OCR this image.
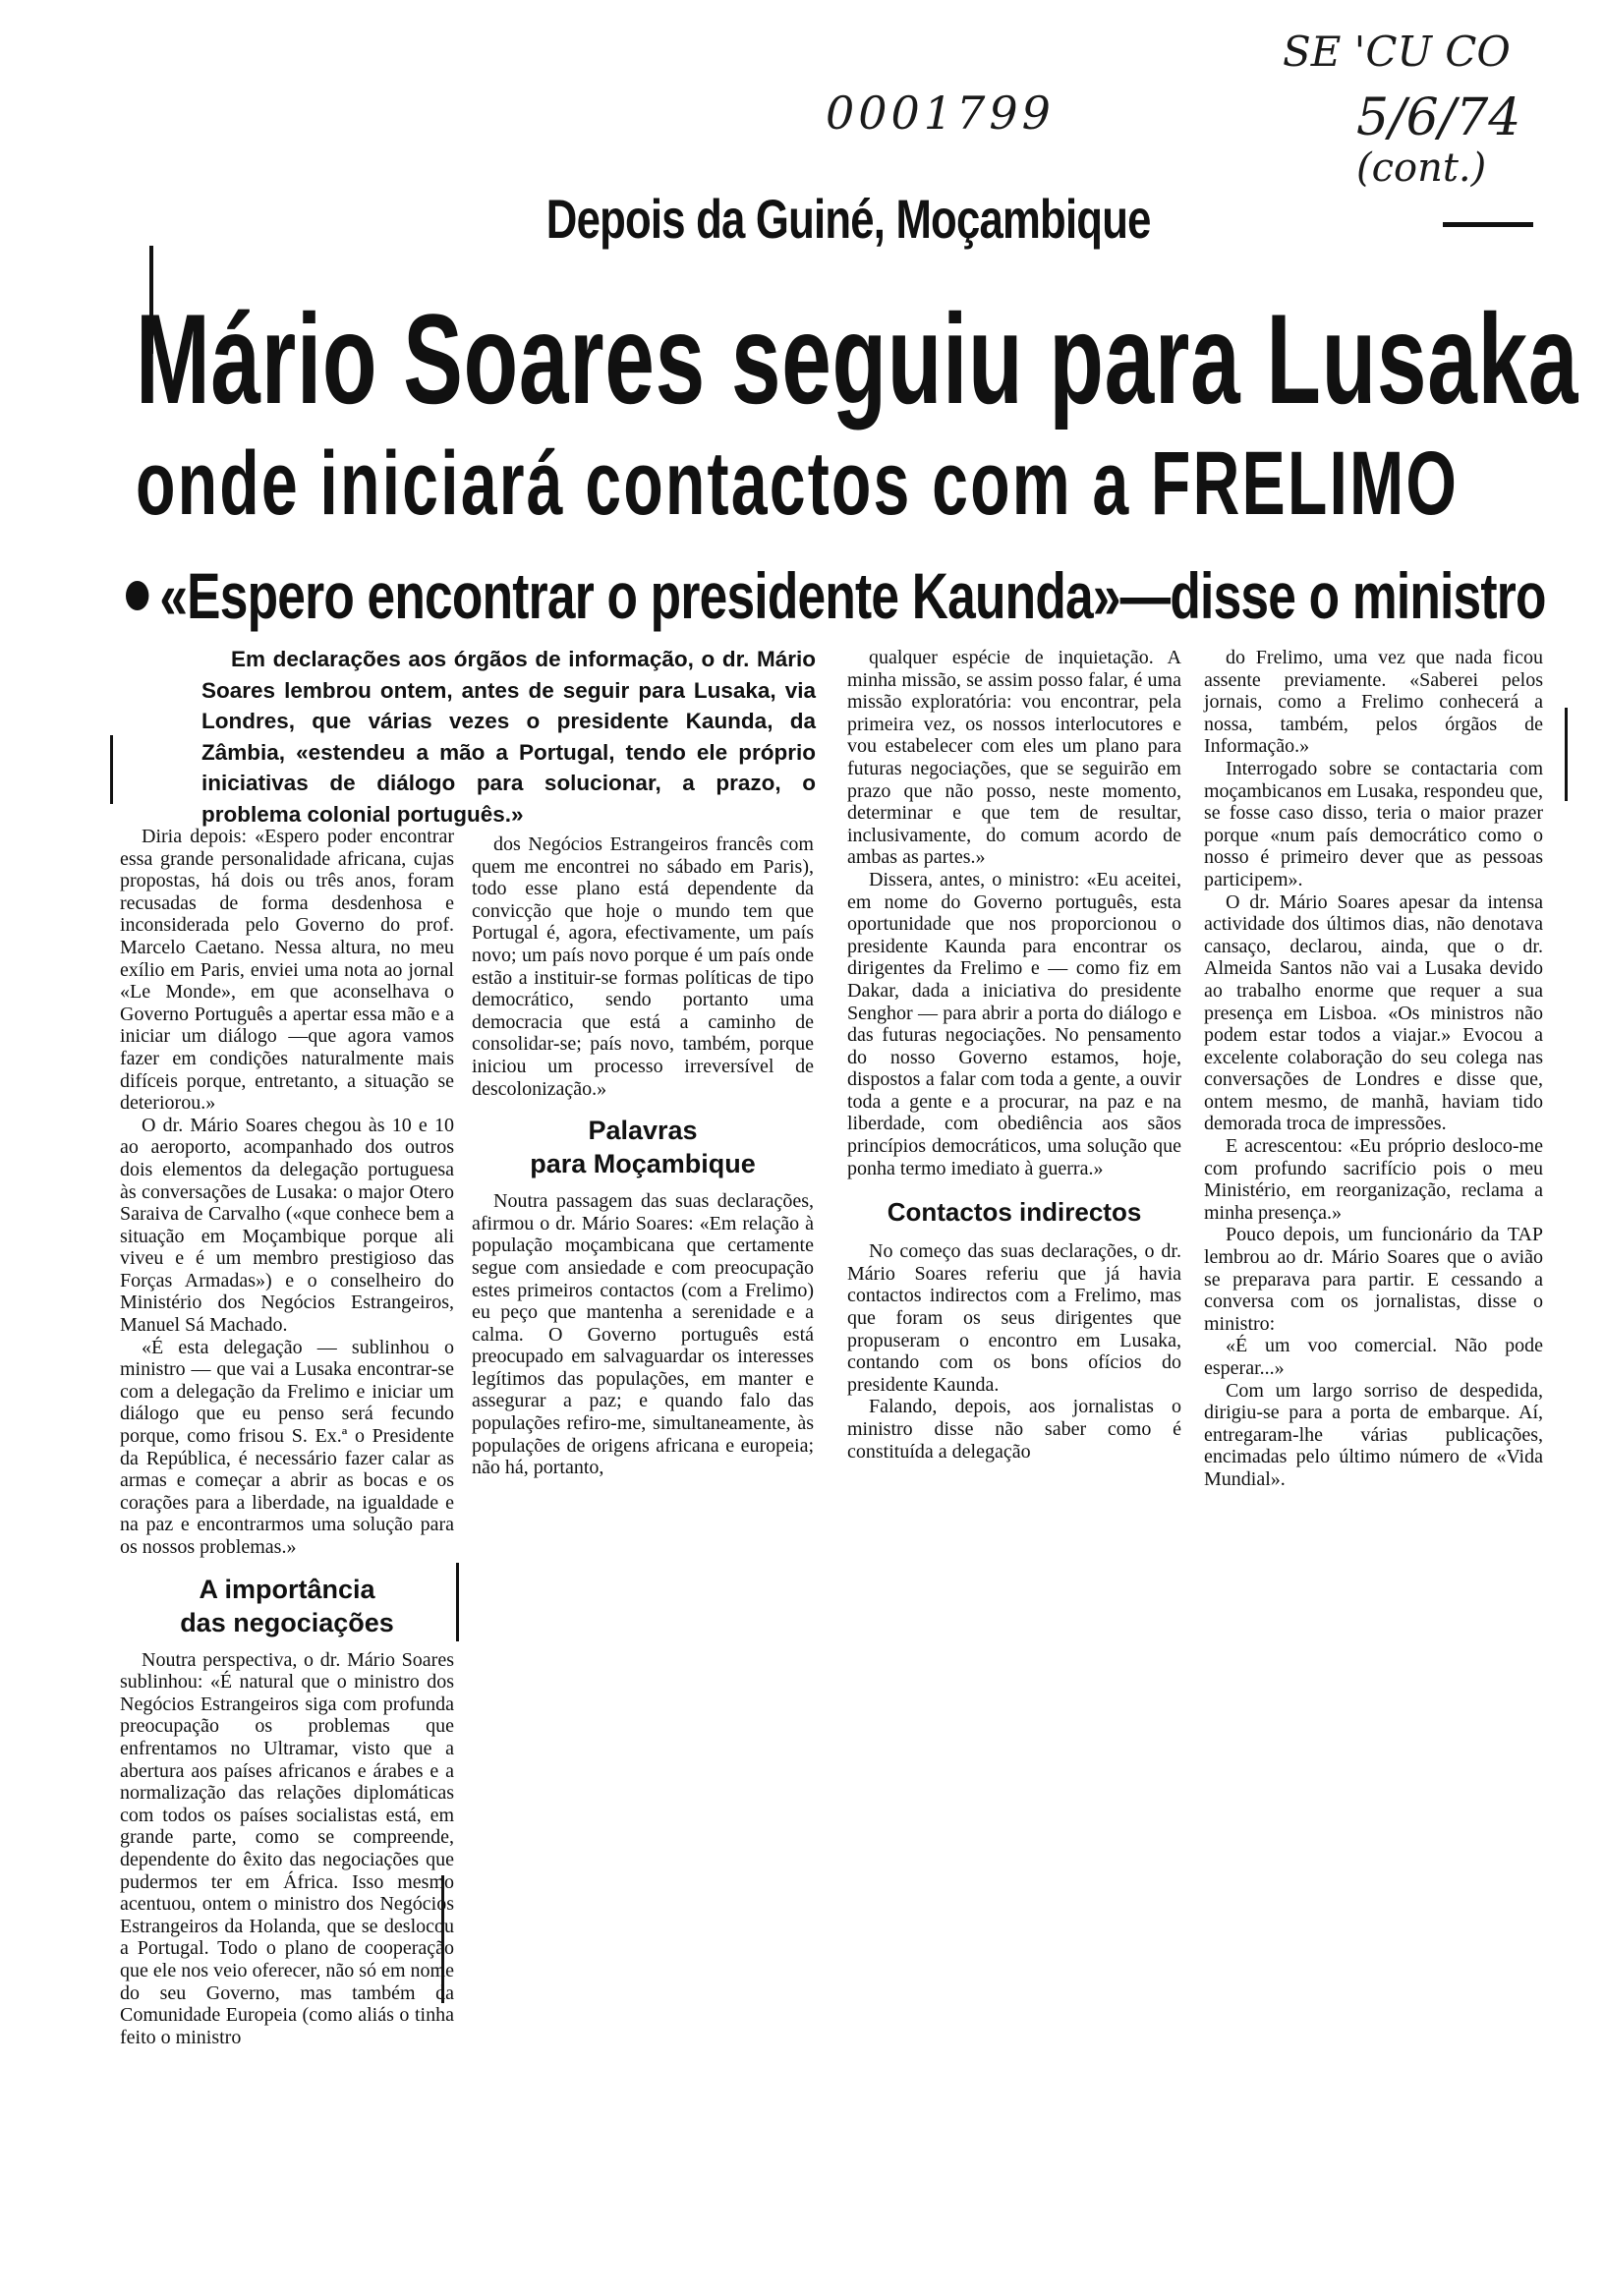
0001799
SE 'CU CO
5/6/74
(cont.)
Depois da Guiné, Moçambique
Mário Soares seguiu para Lusaka
onde iniciará contactos com a FRELIMO
«Espero encontrar o presidente Kaunda»—disse o ministro
Em declarações aos órgãos de informação, o dr. Mário Soares lembrou ontem, antes de seguir para Lusaka, via Londres, que várias vezes o presidente Kaunda, da Zâmbia, «estendeu a mão a Portugal, tendo ele próprio iniciativas de diálogo para solucionar, a prazo, o problema colonial português.»

Diria depois: «Espero poder encontrar essa grande personalidade africana, cujas propostas, há dois ou três anos, foram recusadas de forma desdenhosa e inconsiderada pelo Governo do prof. Marcelo Caetano. Nessa altura, no meu exílio em Paris, enviei uma nota ao jornal «Le Monde», em que aconselhava o Governo Português a apertar essa mão e a iniciar um diálogo —que agora vamos fazer em condições naturalmente mais difíceis porque, entretanto, a situação se deteriorou.»

O dr. Mário Soares chegou às 10 e 10 ao aeroporto, acompanhado dos outros dois elementos da delegação portuguesa às conversações de Lusaka: o major Otero Saraiva de Carvalho («que conhece bem a situação em Moçambique porque ali viveu e é um membro prestigioso das Forças Armadas») e o conselheiro do Ministério dos Negócios Estrangeiros, Manuel Sá Machado.

«É esta delegação — sublinhou o ministro — que vai a Lusaka encontrar-se com a delegação da Frelimo e iniciar um diálogo que eu penso será fecundo porque, como frisou S. Ex.ª o Presidente da República, é necessário fazer calar as armas e começar a abrir as bocas e os corações para a liberdade, na igualdade e na paz e encontrarmos uma solução para os nossos problemas.»

A importância
das negociações

Noutra perspectiva, o dr. Mário Soares sublinhou: «É natural que o ministro dos Negócios Estrangeiros siga com profunda preocupação os problemas que enfrentamos no Ultramar, visto que a abertura aos países africanos e árabes e a normalização das relações diplomáticas com todos os países socialistas está, em grande parte, como se compreende, dependente do êxito das negociações que pudermos ter em África. Isso mesmo acentuou, ontem o ministro dos Negócios Estrangeiros da Holanda, que se deslocou a Portugal. Todo o plano de cooperação que ele nos veio oferecer, não só em nome do seu Governo, mas também da Comunidade Europeia (como aliás o tinha feito o ministro

dos Negócios Estrangeiros francês com quem me encontrei no sábado em Paris), todo esse plano está dependente da convicção que hoje o mundo tem que Portugal é, agora, efectivamente, um país novo; um país novo porque é um país onde estão a instituir-se formas políticas de tipo democrático, sendo portanto uma democracia que está a caminho de consolidar-se; país novo, também, porque iniciou um processo irreversível de descolonização.»

Palavras
para Moçambique

Noutra passagem das suas declarações, afirmou o dr. Mário Soares: «Em relação à população moçambicana que certamente segue com ansiedade e com preocupação estes primeiros contactos (com a Frelimo) eu peço que mantenha a serenidade e a calma. O Governo português está preocupado em salvaguardar os interesses legítimos das populações, em manter e assegurar a paz; e quando falo das populações refiro-me, simultaneamente, às populações de origens africana e europeia; não há, portanto,

qualquer espécie de inquietação. A minha missão, se assim posso falar, é uma missão exploratória: vou encontrar, pela primeira vez, os nossos interlocutores e vou estabelecer com eles um plano para futuras negociações, que se seguirão em prazo que não posso, neste momento, determinar e que tem de resultar, inclusivamente, do comum acordo de ambas as partes.»

Dissera, antes, o ministro: «Eu aceitei, em nome do Governo português, esta oportunidade que nos proporcionou o presidente Kaunda para encontrar os dirigentes da Frelimo e — como fiz em Dakar, dada a iniciativa do presidente Senghor — para abrir a porta do diálogo e das futuras negociações. No pensamento do nosso Governo estamos, hoje, dispostos a falar com toda a gente, a ouvir toda a gente e a procurar, na paz e na liberdade, com obediência aos sãos princípios democráticos, uma solução que ponha termo imediato à guerra.»

Contactos indirectos

No começo das suas declarações, o dr. Mário Soares referiu que já havia contactos indirectos com a Frelimo, mas que foram os seus dirigentes que propuseram o encontro em Lusaka, contando com os bons ofícios do presidente Kaunda.

Falando, depois, aos jornalistas o ministro disse não saber como é constituída a delegação

do Frelimo, uma vez que nada ficou assente previamente. «Saberei pelos jornais, como a Frelimo conhecerá a nossa, também, pelos órgãos de Informação.»

Interrogado sobre se contactaria com moçambicanos em Lusaka, respondeu que, se fosse caso disso, teria o maior prazer porque «num país democrático como o nosso é primeiro dever que as pessoas participem».

O dr. Mário Soares apesar da intensa actividade dos últimos dias, não denotava cansaço, declarou, ainda, que o dr. Almeida Santos não vai a Lusaka devido ao trabalho enorme que requer a sua presença em Lisboa. «Os ministros não podem estar todos a viajar.» Evocou a excelente colaboração do seu colega nas conversações de Londres e disse que, ontem mesmo, de manhã, haviam tido demorada troca de impressões.

E acrescentou: «Eu próprio desloco-me com profundo sacrifício pois o meu Ministério, em reorganização, reclama a minha presença.»

Pouco depois, um funcionário da TAP lembrou ao dr. Mário Soares que o avião se preparava para partir. E cessando a conversa com os jornalistas, disse o ministro:

«É um voo comercial. Não pode esperar...»

Com um largo sorriso de despedida, dirigiu-se para a porta de embarque. Aí, entregaram-lhe várias publicações, encimadas pelo último número de «Vida Mundial».
